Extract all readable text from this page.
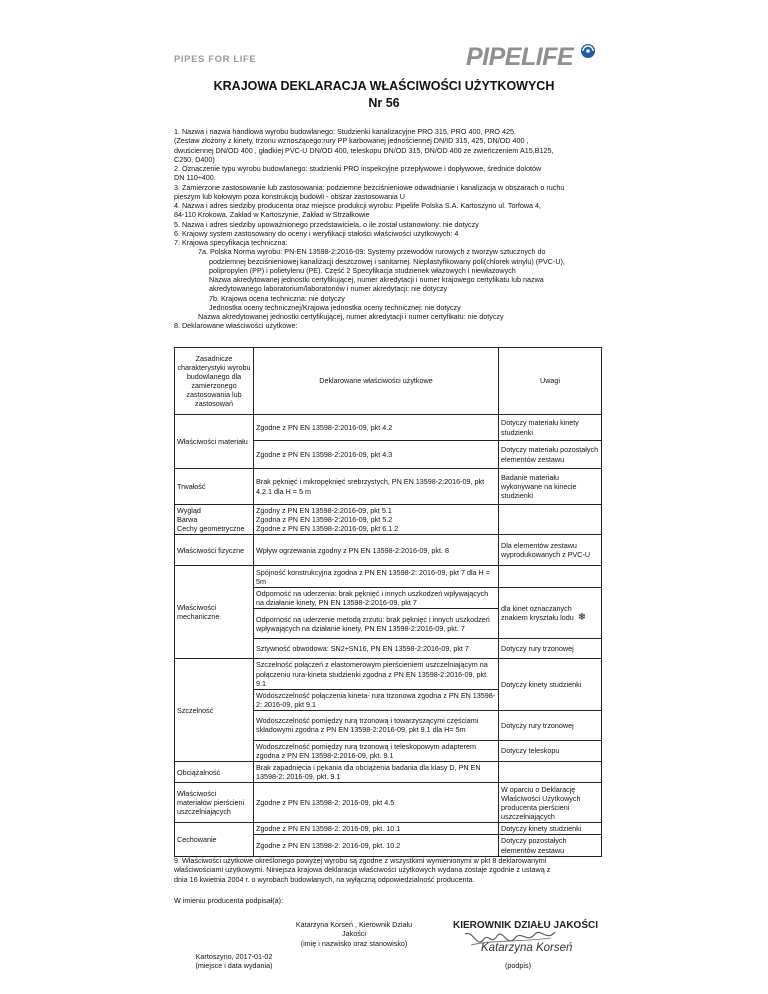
PIPES FOR LIFE	PIPELIFE
KRAJOWA DEKLARACJA WŁAŚCIWOŚCI UŻYTKOWYCH
Nr 56

1. Nazwa i nazwa handlowa wyrobu budowlanego: Studzienki kanalizacyjne PRO 315, PRO 400, PRO 425.

(Zestaw złożony z kinety, trzonu wznoszącego:rury PP karbowanej jednościennej DN/ID 315, 425, DN/OD 400 ,

dwuściennej DN/OD 400 , gładkiej PVC-U DN/OD 400, teleskopu DN/OD 315, DN/OD 400 ze zwieńczeniem A15,B125,

C250, D400)

2. Oznaczenie typu wyrobu budowlanego: studzienki PRO inspekcyjne przepływowe i dopływowe, średnice dolotów

DN 110÷400.

3. Zamierzone zastosowanie lub zastosowania: podziemne bezciśnieniowe odwadnianie i kanalizacja w obszarach o ruchu

pieszym lub kołowym poza konstrukcją budowli - obszar zastosowania U

4. Nazwa i adres siedziby producenta oraz miejsce produkcji wyrobu: Pipelife Polska S.A. Kartoszyno ul. Torfowa 4,

84-110 Krokowa, Zakład w Kartoszynie, Zakład w Strzałkowie

5. Nazwa i adres siedziby upoważnionego przedstawiciela, o ile został ustanowiony: nie dotyczy

6. Krajowy system zastosowany do oceny i weryfikacji stałości właściwości użytkowych: 4

7. Krajowa specyfikacja techniczna:

7a. Polska Norma wyrobu: PN-EN 13598-2:2016-09: Systemy przewodów rurowych z tworzyw sztucznych do

podziemnej bezciśnieniowej kanalizacji deszczowej i sanitarnej. Nieplastyfikowany poli(chlorek winylu) (PVC-U),

polipropylen (PP) i polietylenu (PE). Część 2 Specyfikacja studzienek włazowych i niewłazowych

Nazwa akredytowanej jednostki certyfikującej, numer akredytacji i numer krajowego certyfikatu lub nazwa

akredytowanego laboratorium/laboratoriów i numer akredytacji: nie dotyczy

7b. Krajowa ocena techniczna: nie dotyczy

Jednostka oceny technicznej/Krajowa jednostka oceny technicznej: nie dotyczy

Nazwa akredytowanej jednostki certyfikującej, numer akredytacji i numer certyfikatu: nie dotyczy

8. Deklarowane właściwości użytkowe:

Zasadnicze charakterystyki wyrobu budowlanego dla zamierzonego zastosowania lub zastosowań	Deklarowane właściwości użytkowe	Uwagi
Właściwości materiału	Zgodne z PN EN 13598-2:2016-09, pkt 4.2	Dotyczy materiału kinety studzienki
	Zgodne z PN EN 13598-2:2016-09, pkt 4.3	Dotyczy materiału pozostałych elementów zestawu
Trwałość	Brak pęknięć i mikropęknięć srebrzystych, PN EN 13598-2:2016-09, pkt 4.2.1 dla H = 5 m	Badanie materiału wykonywane na kinecie studzienki

Wygląd
Barwa
Cechy geometryczne	Zgodny z PN EN 13598-2:2016-09, pkt 5.1
Zgodna z PN EN 13598-2:2016-09, pkt 5.2
Zgodne z PN EN 13598-2:2016-09, pkt 6.1.2	

Właściwości fizyczne	Wpływ ogrzewania zgodny z PN EN 13598-2:2016-09, pkt. 8	Dla elementów zestawu wyprodukowanych z PVC-U
Właściwości mechaniczne	Spójność konstrukcyjna zgodna z PN EN 13598-2: 2016-09, pkt 7 dla H = 5m	
	Odporność na uderzenia: brak pęknięć i innych uszkodzeń wpływających na działanie kinety, PN EN 13598-2:2016-09, pkt 7	dla kinet oznaczanych znakiem kryształu lodu ❄
	Odporność na uderzenie metodą zrzutu: brak pęknięć i innych uszkodzeń wpływających na działanie kinety, PN EN 13598-2:2016-09, pkt. 7	
	Sztywność obwodowa: SN2÷SN16, PN EN 13598-2:2016-09, pkt 7	Dotyczy rury trzonowej
Szczelność	Szczelność połączeń z elastomerowym pierścieniem uszczelniającym na połączeniu rura-kineta studzienki zgodna z PN EN 13598-2:2016-09, pkt. 9.1	Dotyczy kinety studzienki
	Wodoszczelność połączenia kineta- rura trzonowa zgodna z PN EN 13598-2: 2016-09, pkt 9.1	
	Wodoszczelność pomiędzy rurą trzonową i towarzyszącymi częściami składowymi zgodna z PN EN 13598-2:2016-09, pkt 9.1 dla H= 5m	Dotyczy rury trzonowej
	Wodoszczelność pomiędzy rurą trzonową i teleskopowym adapterem zgodna z PN EN 13598-2:2016-09, pkt. 9.1	Dotyczy teleskopu
Obciążalność	Brak zapadnięcia i pękania dla obciążenia badania dla klasy D, PN EN 13598-2: 2016-09, pkt. 9.1	
Właściwości materiałów pierścieni uszczelniających	Zgodne z PN EN 13598-2: 2016-09, pkt 4.5	W oparciu o Deklarację Właściwości Użytkowych producenta pierścieni uszczelniających
Cechowanie	Zgodne z PN EN 13598-2: 2016-09, pkt. 10.1	Dotyczy kinety studzienki
	Zgodne z PN EN 13598-2: 2016-09, pkt. 10.2	Dotyczy pozostałych elementów zestawu

9. Właściwości użytkowe określonego powyżej wyrobu są zgodne z wszystkimi wymienionymi w pkt 8 deklarowanymi

właściwościami użytkowymi. Niniejsza krajowa deklaracja właściwości użytkowych wydana zostaje zgodnie z ustawą z

dnia 16 kwietnia 2004 r. o wyrobach budowlanych, na wyłączną odpowiedzialność producenta.

W imieniu producenta podpisał(a):
Katarzyna Korseń , Kierownik Działu Jakości
(imię i nazwisko oraz stanowisko)
Kartoszyno, 2017-01-02
(miejsce i data wydania)
KIEROWNIK DZIAŁU JAKOŚCI
Katarzyna Korseń
(podpis)
